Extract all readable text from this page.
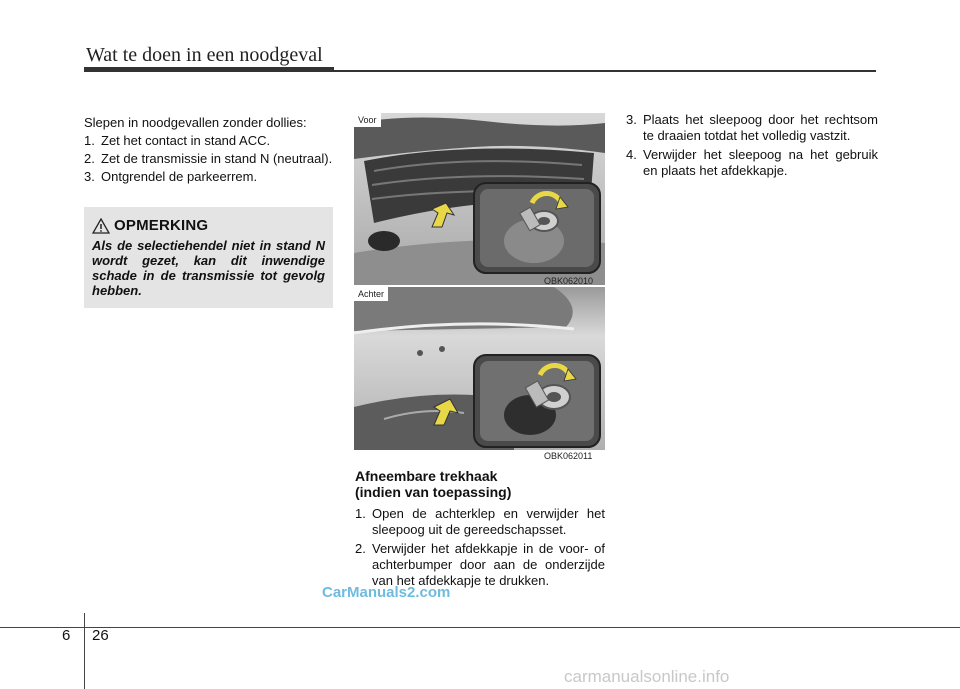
Wat te doen in een noodgeval

Slepen in noodgevallen zonder dollies:

1. Zet het contact in stand ACC.
2. Zet de transmissie in stand N (neutraal).
3. Ontgrendel de parkeerrem.
OPMERKING
Als de selectiehendel niet in stand N wordt gezet, kan dit inwendige schade in de transmissie tot gevolg hebben.
Voor
OBK062010
Achter
OBK062011
Afneembare trekhaak
(indien van toepassing)
1. Open de achterklep en verwijder het sleepoog uit de gereedschapsset.
2. Verwijder het afdekkapje in de voor- of achterbumper door aan de onderzijde van het afdekkapje te drukken.
3. Plaats het sleepoog door het rechtsom te draaien totdat het volledig vastzit.
4. Verwijder het sleepoog na het gebruik en plaats het afdekkapje.
CarManuals2.com
6 26
carmanualsonline.info
